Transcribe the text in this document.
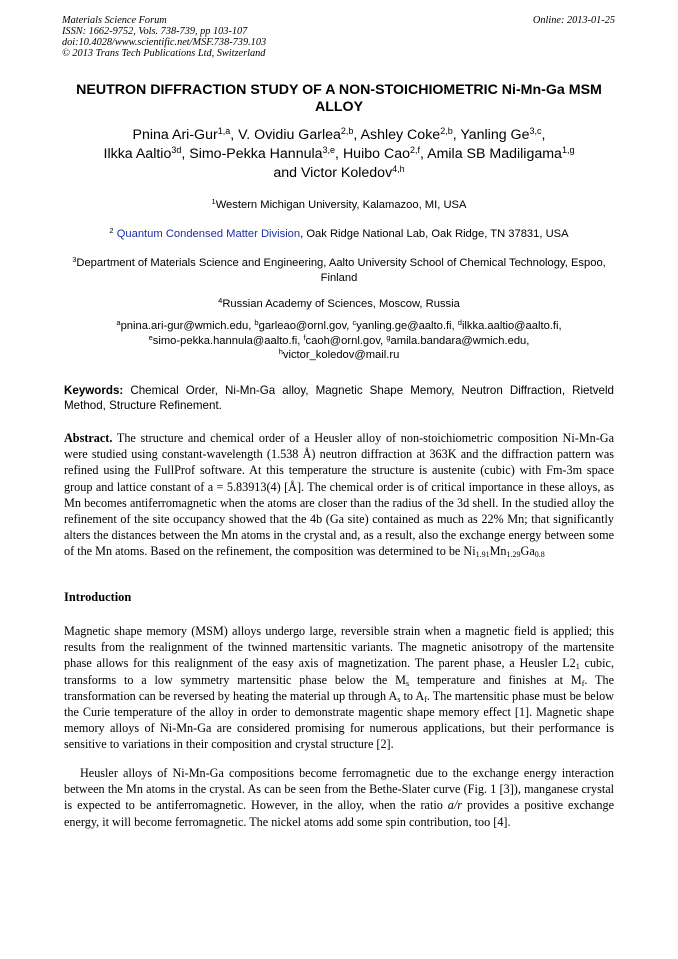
Materials Science Forum
ISSN: 1662-9752, Vols. 738-739, pp 103-107
doi:10.4028/www.scientific.net/MSF.738-739.103
© 2013 Trans Tech Publications Ltd, Switzerland
Online: 2013-01-25
NEUTRON DIFFRACTION STUDY OF A NON-STOICHIOMETRIC Ni-Mn-Ga MSM ALLOY
Pnina Ari-Gur$^{1,a}$, V. Ovidiu Garlea$^{2,b}$, Ashley Coke$^{2,b}$, Yanling Ge$^{3,c}$,
Ilkka Aaltio$^{3d}$, Simo-Pekka Hannula$^{3,e}$, Huibo Cao$^{2,f}$, Amila SB Madiligama$^{1,g}$
and Victor Koledov$^{4,h}$
$^1$Western Michigan University, Kalamazoo, MI, USA
$^2$ Quantum Condensed Matter Division, Oak Ridge National Lab, Oak Ridge, TN 37831, USA
$^3$Department of Materials Science and Engineering, Aalto University School of Chemical Technology, Espoo, Finland
$^4$Russian Academy of Sciences, Moscow, Russia
$^a$pnina.ari-gur@wmich.edu, $^b$garleao@ornl.gov, $^c$yanling.ge@aalto.fi, $^d$ilkka.aaltio@aalto.fi,
$^e$simo-pekka.hannula@aalto.fi, $^f$caoh@ornl.gov, $^g$amila.bandara@wmich.edu,
$^h$victor_koledov@mail.ru
Keywords: Chemical Order, Ni-Mn-Ga alloy, Magnetic Shape Memory, Neutron Diffraction, Rietveld Method, Structure Refinement.
Abstract. The structure and chemical order of a Heusler alloy of non-stoichiometric composition Ni-Mn-Ga were studied using constant-wavelength (1.538 Å) neutron diffraction at 363K and the diffraction pattern was refined using the FullProf software. At this temperature the structure is austenite (cubic) with Fm-3m space group and lattice constant of a = 5.83913(4) [Å]. The chemical order is of critical importance in these alloys, as Mn becomes antiferromagnetic when the atoms are closer than the radius of the 3d shell. In the studied alloy the refinement of the site occupancy showed that the 4b (Ga site) contained as much as 22% Mn; that significantly alters the distances between the Mn atoms in the crystal and, as a result, also the exchange energy between some of the Mn atoms. Based on the refinement, the composition was determined to be $Ni_{1.91}Mn_{1.29}Ga_{0.8}$
Introduction
Magnetic shape memory (MSM) alloys undergo large, reversible strain when a magnetic field is applied; this results from the realignment of the twinned martensitic variants. The magnetic anisotropy of the martensite phase allows for this realignment of the easy axis of magnetization. The parent phase, a Heusler $L2_1$ cubic, transforms to a low symmetry martensitic phase below the $M_s$ temperature and finishes at $M_f$. The transformation can be reversed by heating the material up through $A_s$ to $A_f$. The martensitic phase must be below the Curie temperature of the alloy in order to demonstrate magentic shape memory effect [1]. Magnetic shape memory alloys of Ni-Mn-Ga are considered promising for numerous applications, but their performance is sensitive to variations in their composition and crystal structure [2].
Heusler alloys of Ni-Mn-Ga compositions become ferromagnetic due to the exchange energy interaction between the Mn atoms in the crystal. As can be seen from the Bethe-Slater curve (Fig. 1 [3]), manganese crystal is expected to be antiferromagnetic. However, in the alloy, when the ratio a/r provides a positive exchange energy, it will become ferromagnetic. The nickel atoms add some spin contribution, too [4].
